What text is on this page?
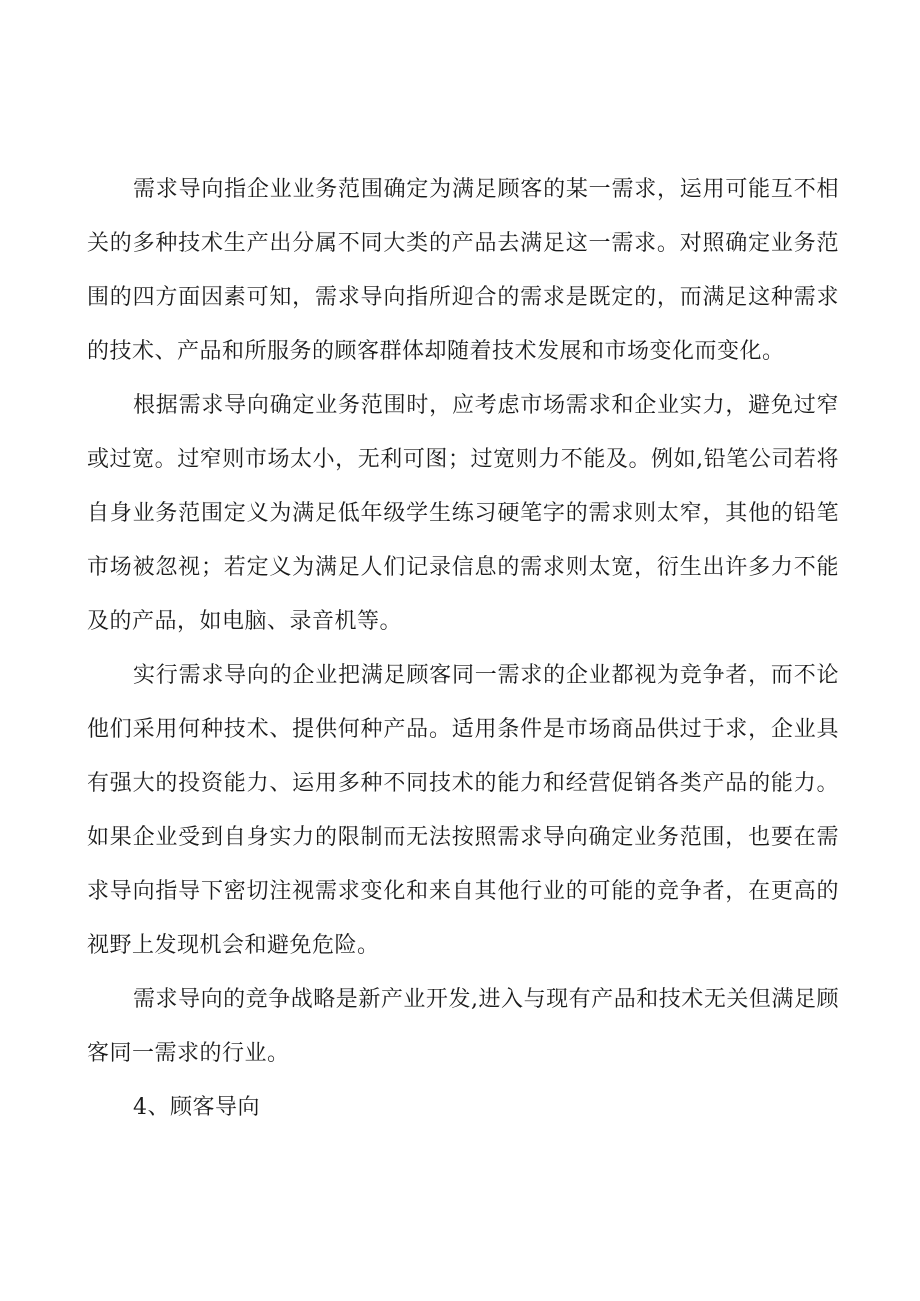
需求导向指企业业务范围确定为满足顾客的某一需求，运用可能互不相关的多种技术生产出分属不同大类的产品去满足这一需求。对照确定业务范围的四方面因素可知，需求导向指所迎合的需求是既定的，而满足这种需求的技术、产品和所服务的顾客群体却随着技术发展和市场变化而变化。

根据需求导向确定业务范围时，应考虑市场需求和企业实力，避免过窄或过宽。过窄则市场太小，无利可图；过宽则力不能及。例如,铅笔公司若将自身业务范围定义为满足低年级学生练习硬笔字的需求则太窄，其他的铅笔市场被忽视；若定义为满足人们记录信息的需求则太宽，衍生出许多力不能及的产品，如电脑、录音机等。

实行需求导向的企业把满足顾客同一需求的企业都视为竞争者，而不论他们采用何种技术、提供何种产品。适用条件是市场商品供过于求，企业具有强大的投资能力、运用多种不同技术的能力和经营促销各类产品的能力。如果企业受到自身实力的限制而无法按照需求导向确定业务范围，也要在需求导向指导下密切注视需求变化和来自其他行业的可能的竞争者，在更高的视野上发现机会和避免危险。

需求导向的竞争战略是新产业开发,进入与现有产品和技术无关但满足顾客同一需求的行业。

4、顾客导向
